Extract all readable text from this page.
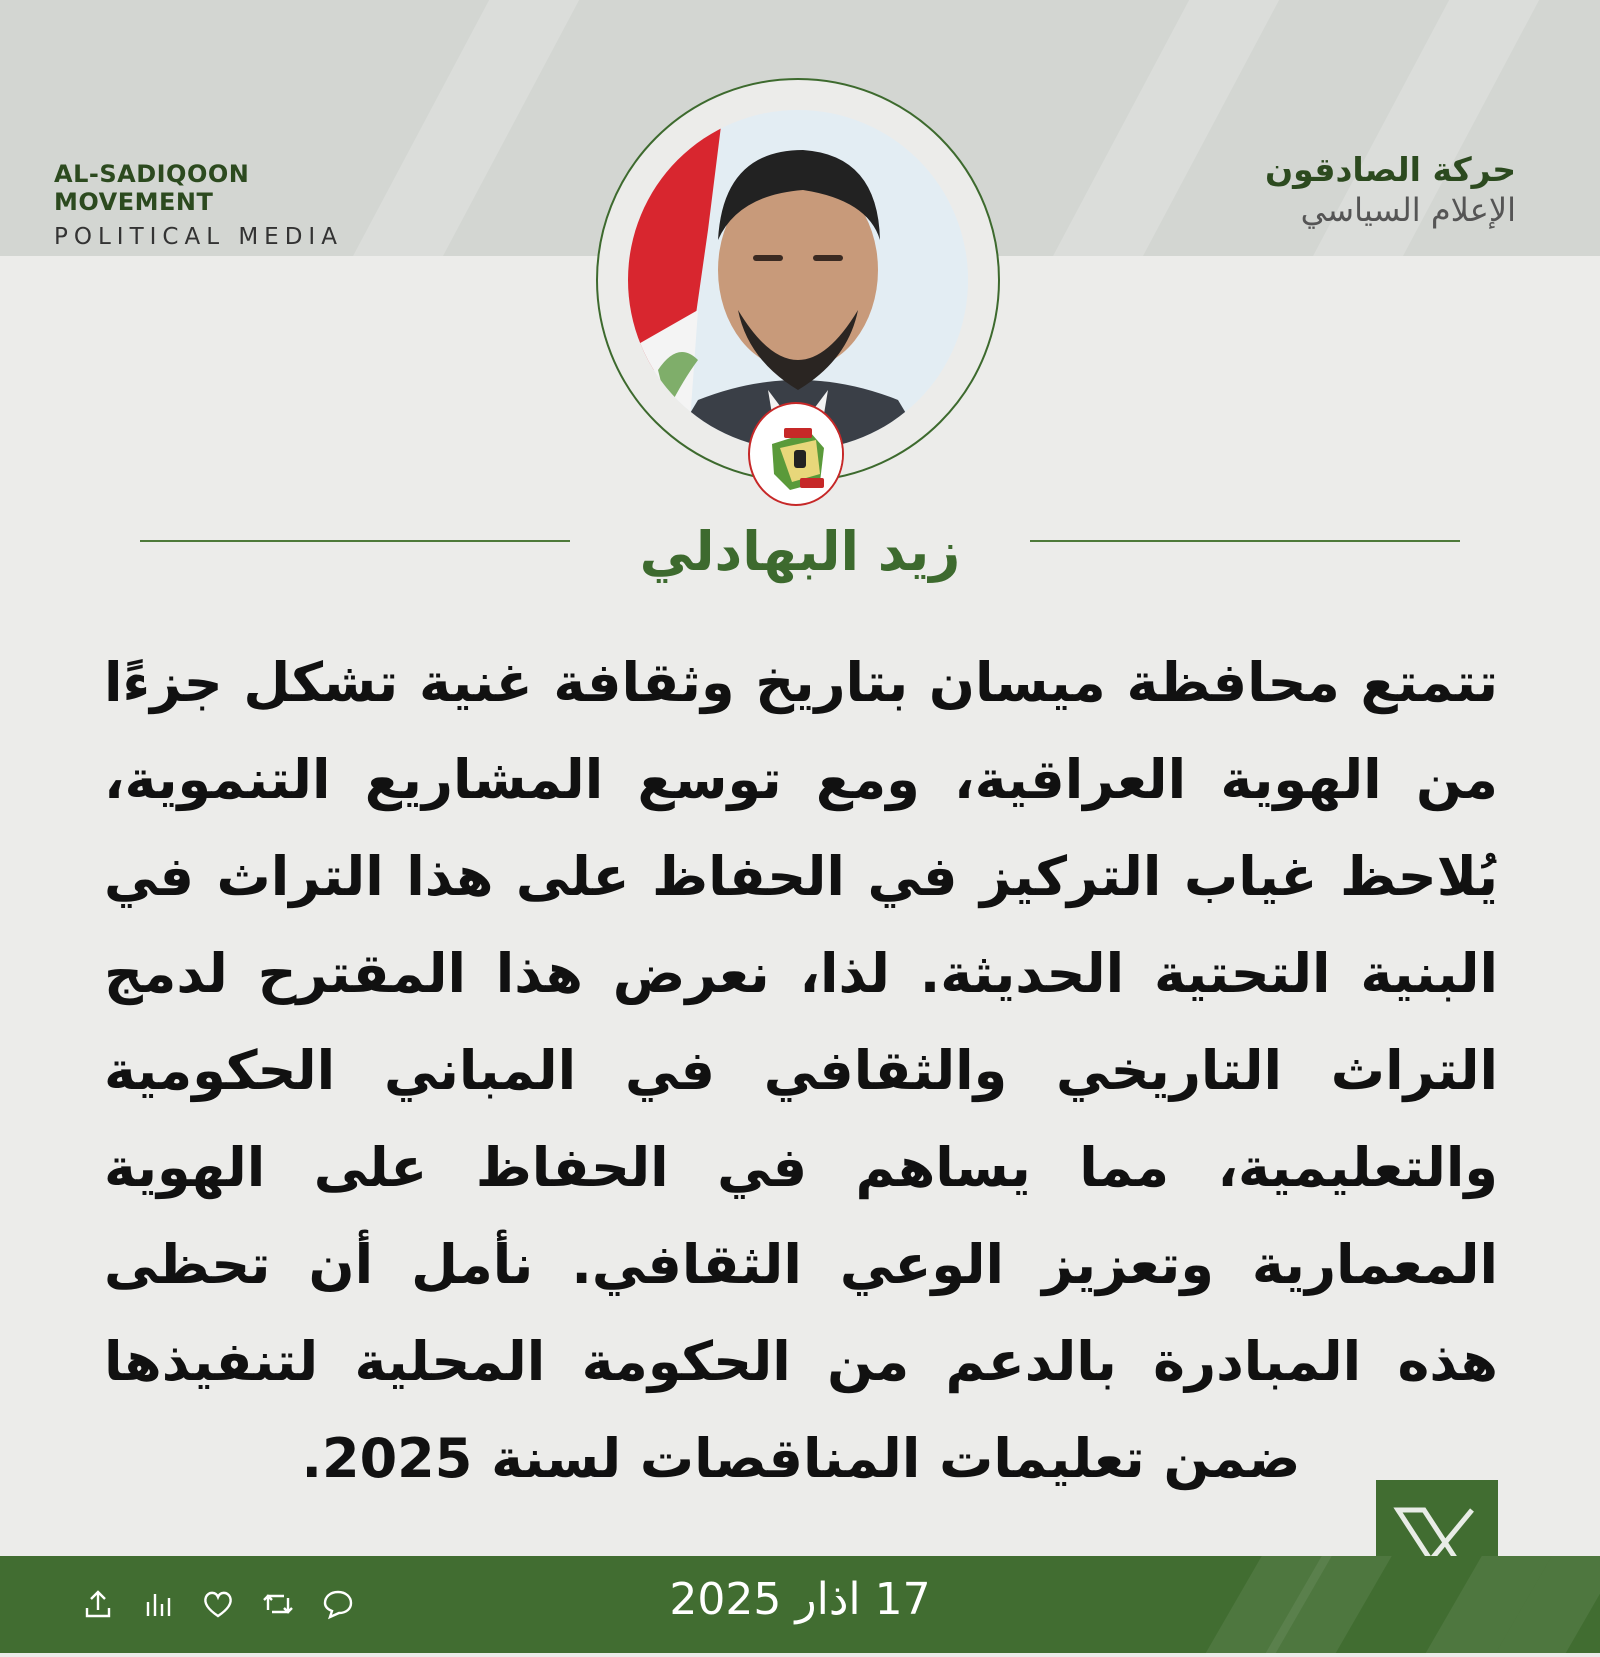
AL-SADIQOON MOVEMENT
POLITICAL MEDIA
حركة الصادقون
الإعلام السياسي
زيد البهادلي
تتمتع محافظة ميسان بتاريخ وثقافة غنية تشكل جزءًا من الهوية العراقية، ومع توسع المشاريع التنموية، يُلاحظ غياب التركيز في الحفاظ على هذا التراث في البنية التحتية الحديثة. لذا، نعرض هذا المقترح لدمج التراث التاريخي والثقافي في المباني الحكومية والتعليمية، مما يساهم في الحفاظ على الهوية المعمارية وتعزيز الوعي الثقافي. نأمل أن تحظى هذه المبادرة بالدعم من الحكومة المحلية لتنفيذها ضمن تعليمات المناقصات لسنة 2025.
17 اذار 2025
